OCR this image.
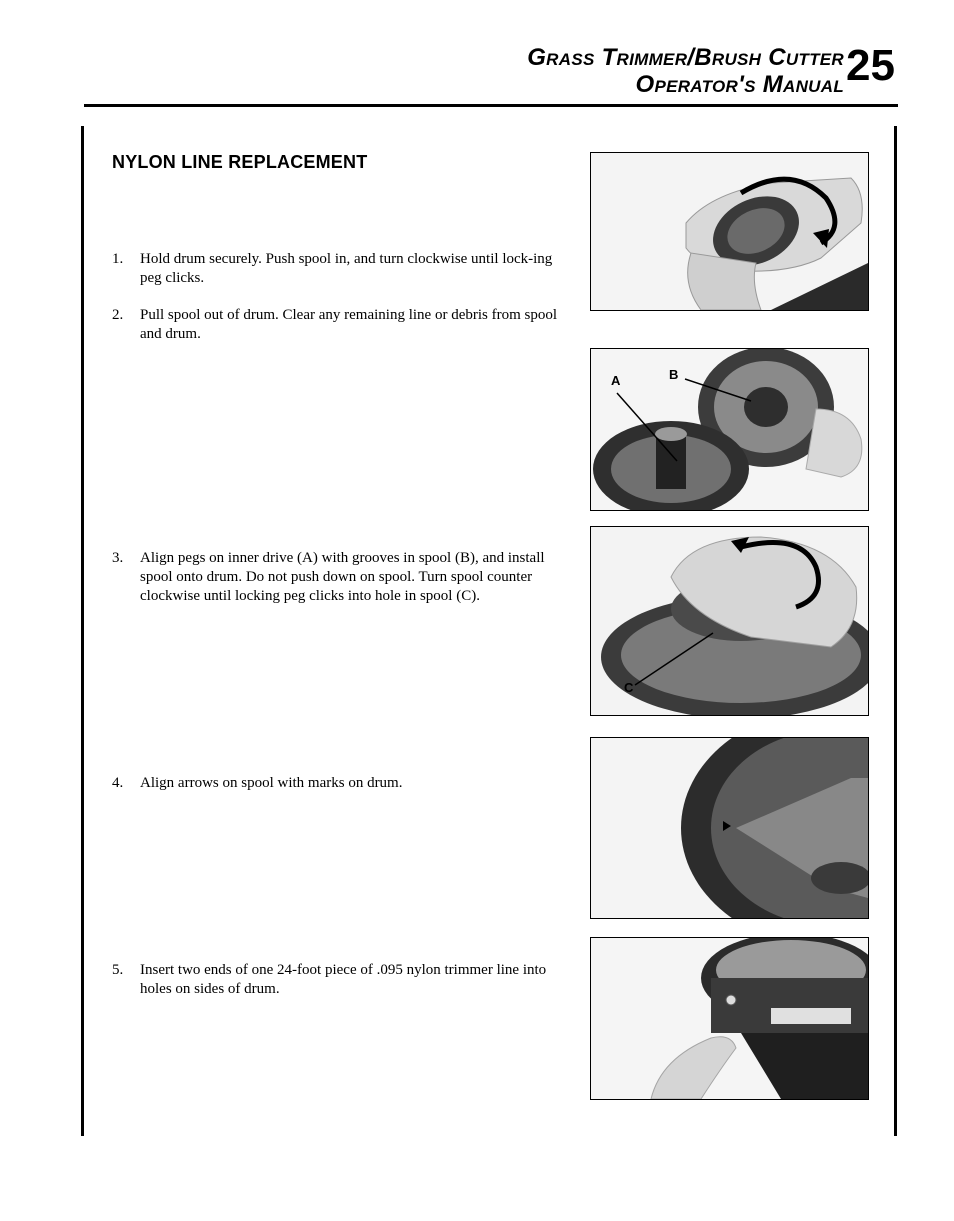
Grass Trimmer/Brush Cutter
Operator's Manual 25
NYLON LINE REPLACEMENT
1. Hold drum securely. Push spool in, and turn clockwise until lock-ing peg clicks.
2. Pull spool out of drum. Clear any remaining line or debris from spool and drum.
3. Align pegs on inner drive (A) with grooves in spool (B), and install spool onto drum. Do not push down on spool. Turn spool counter clockwise until locking peg clicks into hole in spool (C).
4. Align arrows on spool with marks on drum.
5. Insert two ends of one 24-foot piece of .095 nylon trimmer line into holes on sides of drum.
A	B
C
